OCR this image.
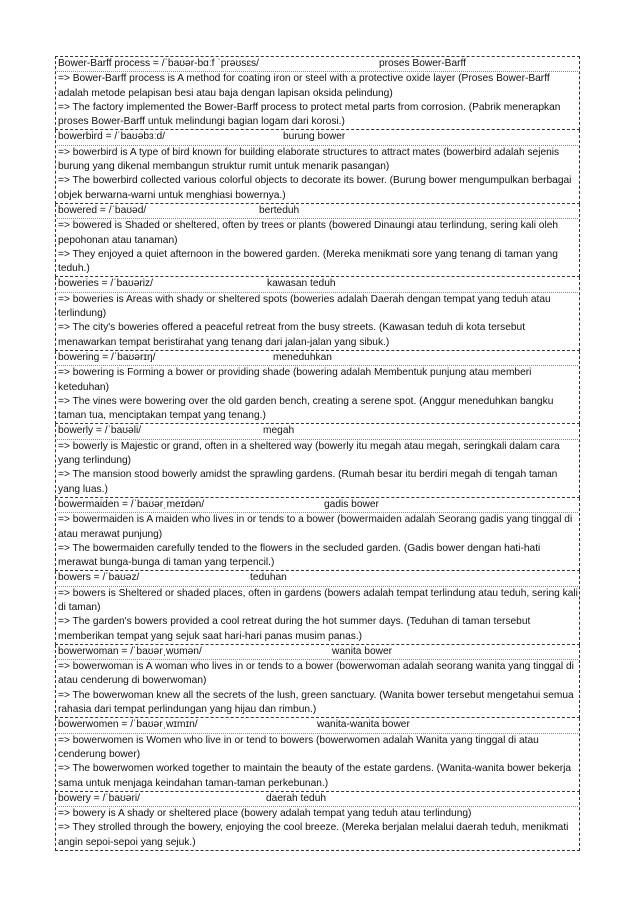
Bower-Barff process = /ˈbaʊər-bɑːf ˈprəʊsɛs/	proses Bower-Barff
=> Bower-Barff process is A method for coating iron or steel with a protective oxide layer (Proses Bower-Barff adalah metode pelapisan besi atau baja dengan lapisan oksida pelindung)
=> The factory implemented the Bower-Barff process to protect metal parts from corrosion. (Pabrik menerapkan proses Bower-Barff untuk melindungi bagian logam dari korosi.)
bowerbird = /ˈbaʊəbɜːd/	burung bower
=> bowerbird is A type of bird known for building elaborate structures to attract mates (bowerbird adalah sejenis burung yang dikenal membangun struktur rumit untuk menarik pasangan)
=> The bowerbird collected various colorful objects to decorate its bower. (Burung bower mengumpulkan berbagai objek berwarna-warni untuk menghiasi bowernya.)
bowered = /ˈbaʊəd/	berteduh
=> bowered is Shaded or sheltered, often by trees or plants (bowered Dinaungi atau terlindung, sering kali oleh pepohonan atau tanaman)
=> They enjoyed a quiet afternoon in the bowered garden. (Mereka menikmati sore yang tenang di taman yang teduh.)
boweries = /ˈbaʊəriz/	kawasan teduh
=> boweries is Areas with shady or sheltered spots (boweries adalah Daerah dengan tempat yang teduh atau terlindung)
=> The city's boweries offered a peaceful retreat from the busy streets. (Kawasan teduh di kota tersebut menawarkan tempat beristirahat yang tenang dari jalan-jalan yang sibuk.)
bowering = /ˈbaʊərɪŋ/	meneduhkan
=> bowering is Forming a bower or providing shade (bowering adalah Membentuk punjung atau memberi keteduhan)
=> The vines were bowering over the old garden bench, creating a serene spot. (Anggur meneduhkan bangku taman tua, menciptakan tempat yang tenang.)
bowerly = /ˈbaʊəli/	megah
=> bowerly is Majestic or grand, often in a sheltered way (bowerly itu megah atau megah, seringkali dalam cara yang terlindung)
=> The mansion stood bowerly amidst the sprawling gardens. (Rumah besar itu berdiri megah di tengah taman yang luas.)
bowermaiden = /ˈbaʊərˌmeɪdən/	gadis bower
=> bowermaiden is A maiden who lives in or tends to a bower (bowermaiden adalah Seorang gadis yang tinggal di atau merawat punjung)
=> The bowermaiden carefully tended to the flowers in the secluded garden. (Gadis bower dengan hati-hati merawat bunga-bunga di taman yang terpencil.)
bowers = /ˈbaʊəz/	teduhan
=> bowers is Sheltered or shaded places, often in gardens (bowers adalah tempat terlindung atau teduh, sering kali di taman)
=> The garden's bowers provided a cool retreat during the hot summer days. (Teduhan di taman tersebut memberikan tempat yang sejuk saat hari-hari panas musim panas.)
bowerwoman = /ˈbaʊərˌwʊmən/	wanita bower
=> bowerwoman is A woman who lives in or tends to a bower (bowerwoman adalah seorang wanita yang tinggal di atau cenderung di bowerwoman)
=> The bowerwoman knew all the secrets of the lush, green sanctuary. (Wanita bower tersebut mengetahui semua rahasia dari tempat perlindungan yang hijau dan rimbun.)
bowerwomen = /ˈbaʊərˌwɪmɪn/	wanita-wanita bower
=> bowerwomen is Women who live in or tend to bowers (bowerwomen adalah Wanita yang tinggal di atau cenderung bower)
=> The bowerwomen worked together to maintain the beauty of the estate gardens. (Wanita-wanita bower bekerja sama untuk menjaga keindahan taman-taman perkebunan.)
bowery = /ˈbaʊəri/	daerah teduh
=> bowery is A shady or sheltered place (bowery adalah tempat yang teduh atau terlindung)
=> They strolled through the bowery, enjoying the cool breeze. (Mereka berjalan melalui daerah teduh, menikmati angin sepoi-sepoi yang sejuk.)
